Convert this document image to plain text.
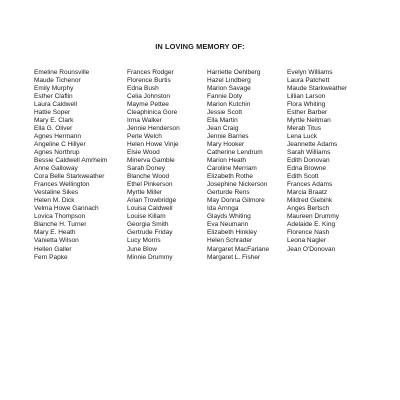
IN LOVING MEMORY OF:
Emeline Rounsville
Maude Tichenor
Emily Murphy
Esther Claflin
Laura Caldwell
Hattie Soper
Mary E. Clark
Ella G. Oliver
Agnes Hermann
Angeline C Hillyer
Agnes Northrup
Bessie Caldwell Amrheim
Anne Galloway
Cora Belle Starkweather
Frances Wellington
Vestaline Sikes
Helen M. Dick
Velma Howe Gannach
Lovica Thompson
Blanche H. Turner
Mary E. Heath
Vanietta Wilson
Hellen Galler
Fern Papke
Frances Rodger
Florence Burtis
Edna Bush
Celia Johnston
Mayme Pettee
Cleaphinica Gore
Irma Walker
Jennie Henderson
Perle Welch
Helen Howe Vinje
Elsie Wood
Minerva Gamble
Sarah Doney
Blanche Wood
Ethel Pinkerson
Myrtle Miller
Arian Trowbridge
Louisa Caldwell
Louise Killam
Georgia Smith
Gertrude Friday
Lucy Morris
June Blow
Minnie Drummy
Harriette Oehlberg
Hazel Lindberg
Marion Savage
Fannie Doty
Marion Kutchin
Jessie Scott
Ella Martin
Jean Craig
Jennie Barnes
Mary Hooker
Catherine Lendrum
Marion Heath
Caroline Merriam
Elizabeth Rothe
Josephine Nickerson
Gerturde Rens
May Donna Gilmore
Ida Arnnga
Glayds Whiting
Eva Neumann
Elizabeth Hinkley
Helen Schrader
Margaret MacFarlane
Margaret L. Fisher
Evelyn Williams
Laura Patchett
Maude Starkweather
Lillian Larson
Flora Whiting
Esther Barber
Myrtle Neitman
Merab Titus
Lena Luck
Jeannette Adams
Sarah Williams
Edith Donovan
Edna Browne
Edith Scott
Frances Adams
Marcia Braatz
Mildred Giebink
Anges Bertsch
Maureen Drummy
Adelaide E. King
Florence Nash
Leona Nagler
Jean O'Donovan
